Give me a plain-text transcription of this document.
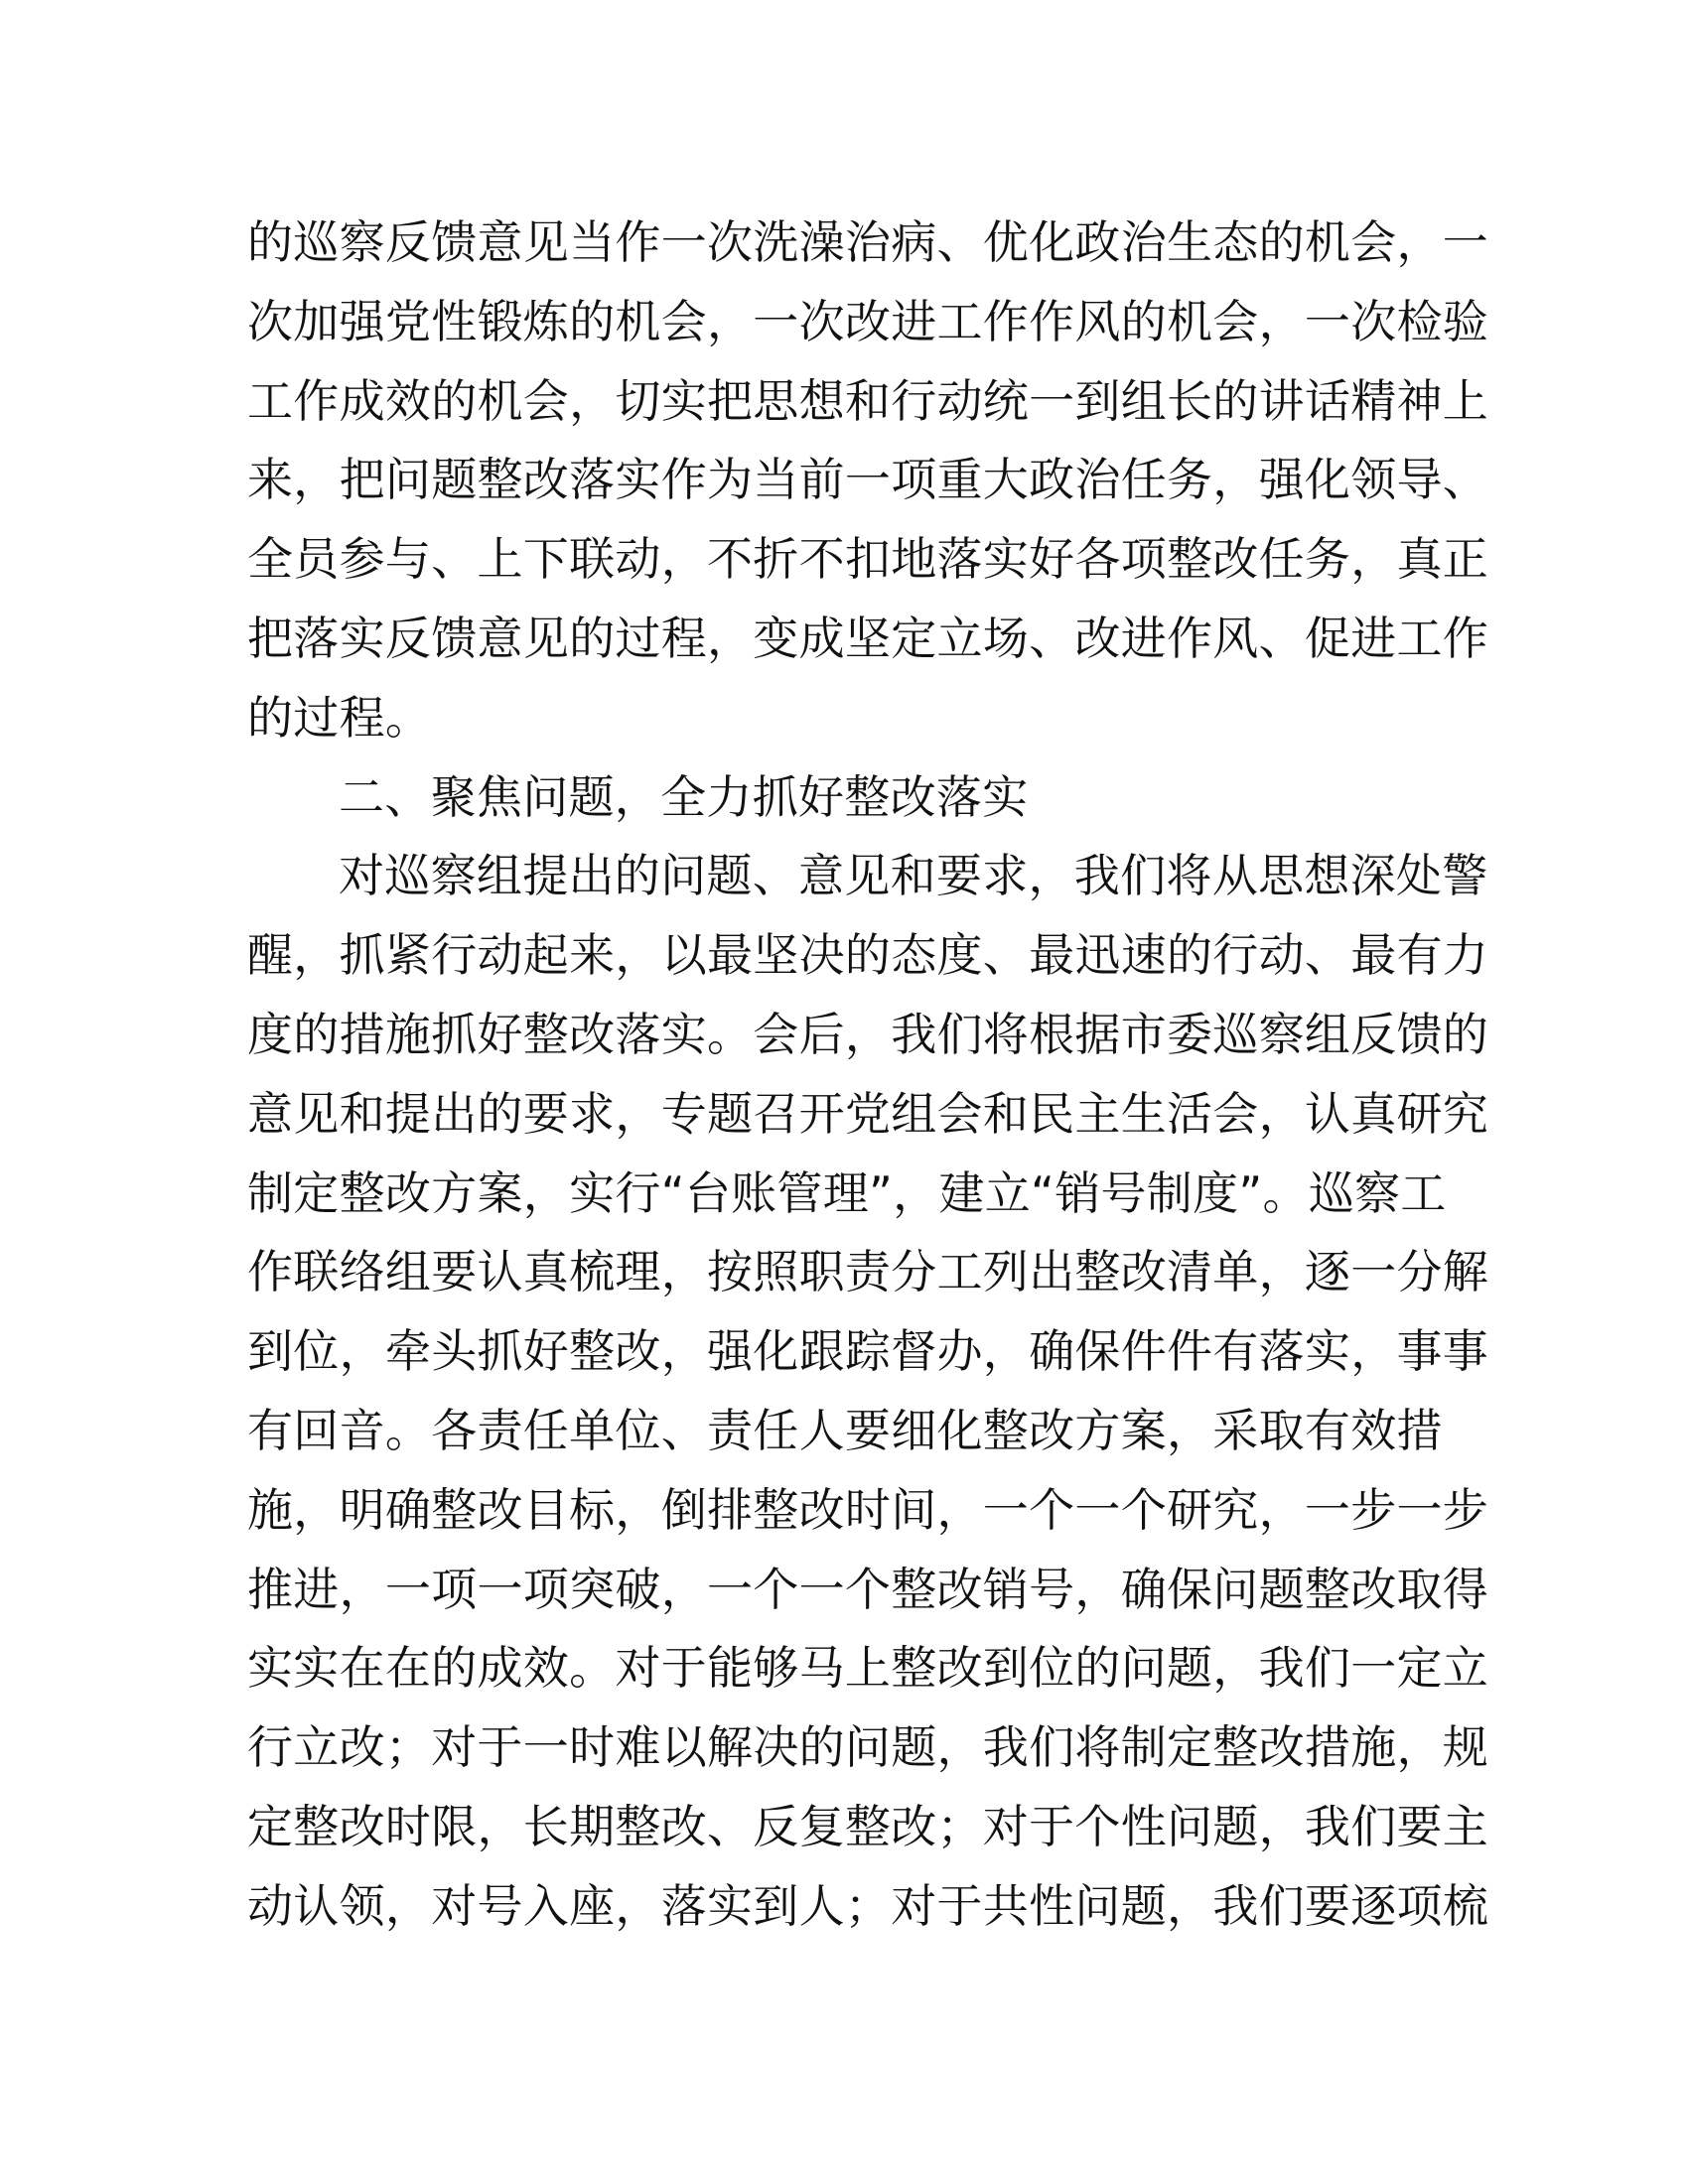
的巡察反馈意见当作一次洗澡治病、优化政治生态的机会，一
次加强党性锻炼的机会，一次改进工作作风的机会，一次检验
工作成效的机会，切实把思想和行动统一到组长的讲话精神上
来，把问题整改落实作为当前一项重大政治任务，强化领导、
全员参与、上下联动，不折不扣地落实好各项整改任务，真正
把落实反馈意见的过程，变成坚定立场、改进作风、促进工作
的过程。
二、聚焦问题，全力抓好整改落实
对巡察组提出的问题、意见和要求，我们将从思想深处警
醒，抓紧行动起来，以最坚决的态度、最迅速的行动、最有力
度的措施抓好整改落实。会后，我们将根据市委巡察组反馈的
意见和提出的要求，专题召开党组会和民主生活会，认真研究
制定整改方案，实行“台账管理”，建立“销号制度”。巡察工
作联络组要认真梳理，按照职责分工列出整改清单，逐一分解
到位，牵头抓好整改，强化跟踪督办，确保件件有落实，事事
有回音。各责任单位、责任人要细化整改方案，采取有效措
施，明确整改目标，倒排整改时间，一个一个研究，一步一步
推进，一项一项突破，一个一个整改销号，确保问题整改取得
实实在在的成效。对于能够马上整改到位的问题，我们一定立
行立改；对于一时难以解决的问题，我们将制定整改措施，规
定整改时限，长期整改、反复整改；对于个性问题，我们要主
动认领，对号入座，落实到人；对于共性问题，我们要逐项梳
